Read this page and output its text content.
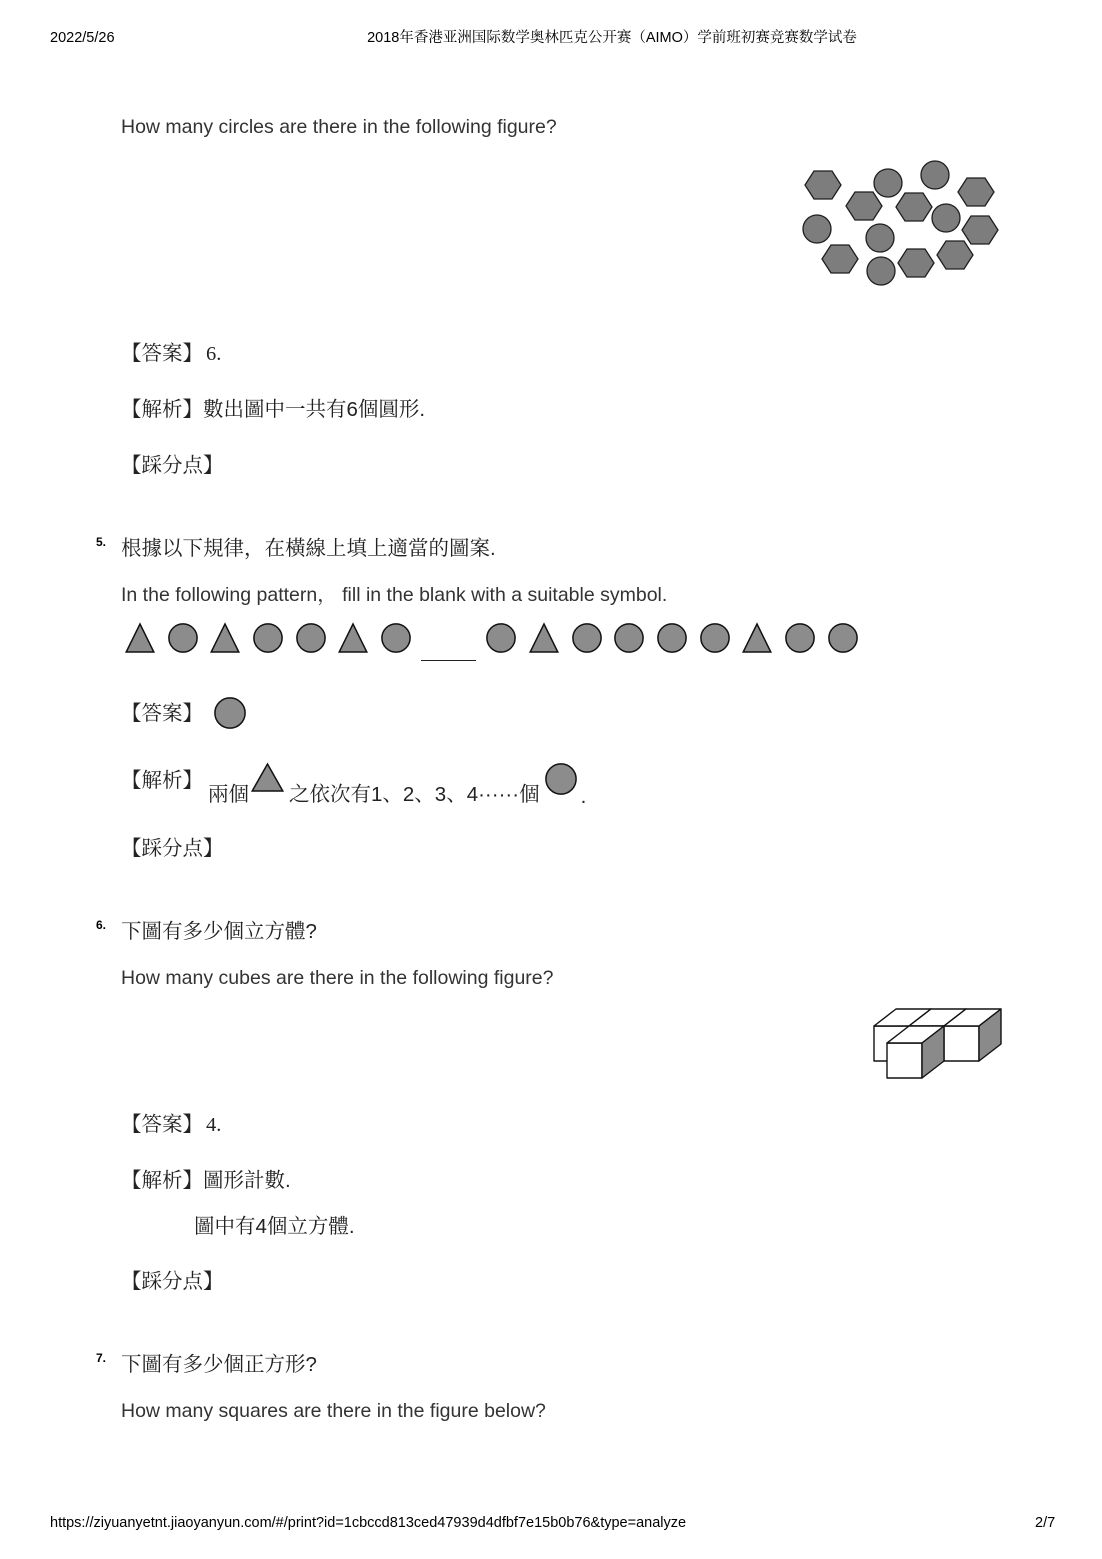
2022/5/26	2018年香港亚洲国际数学奥林匹克公开赛（AIMO）学前班初赛竞赛数学试卷
How many circles are there in the following figure?
【答案】 6.
【解析】數出圖中一共有6個圓形.
【踩分点】
5. 根據以下規律，在橫線上填上適當的圖案.
In the following pattern， fill in the blank with a suitable symbol.
【答案】
【解析】
兩個 之依次有1、2、3、4······個 .
【踩分点】
6. 下圖有多少個立方體?
How many cubes are there in the following figure?
【答案】 4.
【解析】圖形計數.
圖中有4個立方體.
【踩分点】
7. 下圖有多少個正方形?
How many squares are there in the figure below?
https://ziyuanyetnt.jiaoyanyun.com/#/print?id=1cbccd813ced47939d4dfbf7e15b0b76&type=analyze	2/7
